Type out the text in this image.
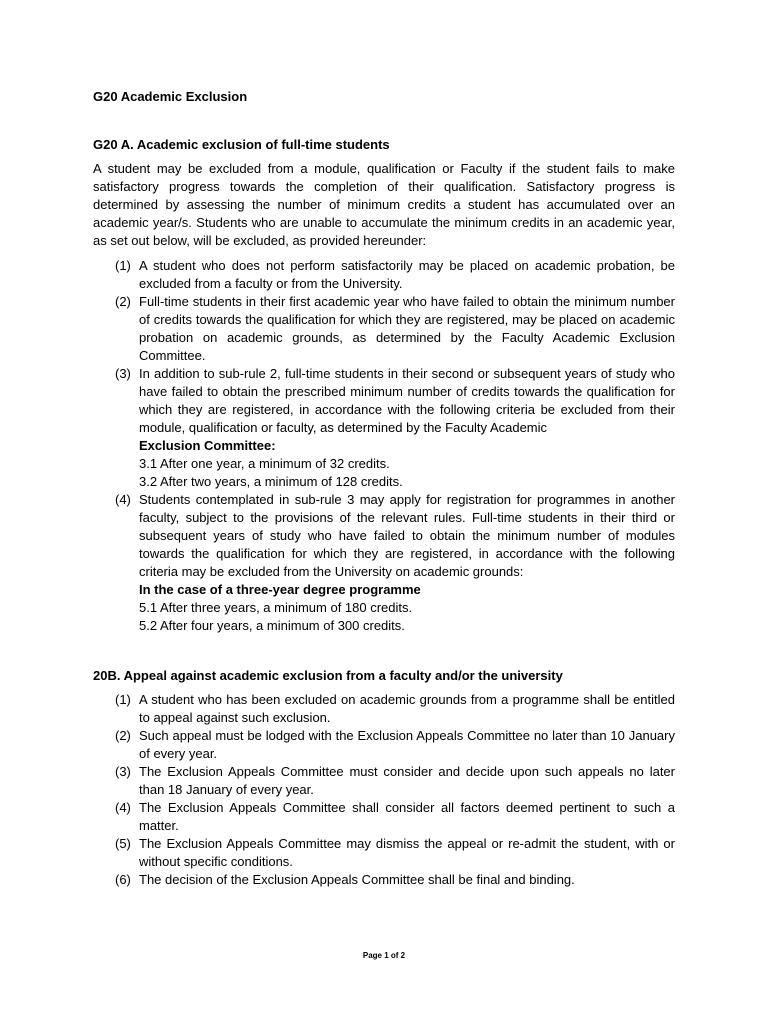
G20 Academic Exclusion
G20 A. Academic exclusion of full-time students

A student may be excluded from a module, qualification or Faculty if the student fails to make satisfactory progress towards the completion of their qualification. Satisfactory progress is determined by assessing the number of minimum credits a student has accumulated over an academic year/s. Students who are unable to accumulate the minimum credits in an academic year, as set out below, will be excluded, as provided hereunder:

(1) A student who does not perform satisfactorily may be placed on academic probation, be excluded from a faculty or from the University.
(2) Full-time students in their first academic year who have failed to obtain the minimum number of credits towards the qualification for which they are registered, may be placed on academic probation on academic grounds, as determined by the Faculty Academic Exclusion Committee.
(3) In addition to sub-rule 2, full-time students in their second or subsequent years of study who have failed to obtain the prescribed minimum number of credits towards the qualification for which they are registered, in accordance with the following criteria be excluded from their module, qualification or faculty, as determined by the Faculty Academic
Exclusion Committee:
3.1 After one year, a minimum of 32 credits.
3.2 After two years, a minimum of 128 credits.
(4) Students contemplated in sub-rule 3 may apply for registration for programmes in another faculty, subject to the provisions of the relevant rules. Full-time students in their third or subsequent years of study who have failed to obtain the minimum number of modules towards the qualification for which they are registered, in accordance with the following criteria may be excluded from the University on academic grounds:
In the case of a three-year degree programme
5.1 After three years, a minimum of 180 credits.
5.2 After four years, a minimum of 300 credits.
20B. Appeal against academic exclusion from a faculty and/or the university
(1) A student who has been excluded on academic grounds from a programme shall be entitled to appeal against such exclusion.
(2) Such appeal must be lodged with the Exclusion Appeals Committee no later than 10 January of every year.
(3) The Exclusion Appeals Committee must consider and decide upon such appeals no later than 18 January of every year.
(4) The Exclusion Appeals Committee shall consider all factors deemed pertinent to such a matter.
(5) The Exclusion Appeals Committee may dismiss the appeal or re-admit the student, with or without specific conditions.
(6) The decision of the Exclusion Appeals Committee shall be final and binding.
Page 1 of 2
